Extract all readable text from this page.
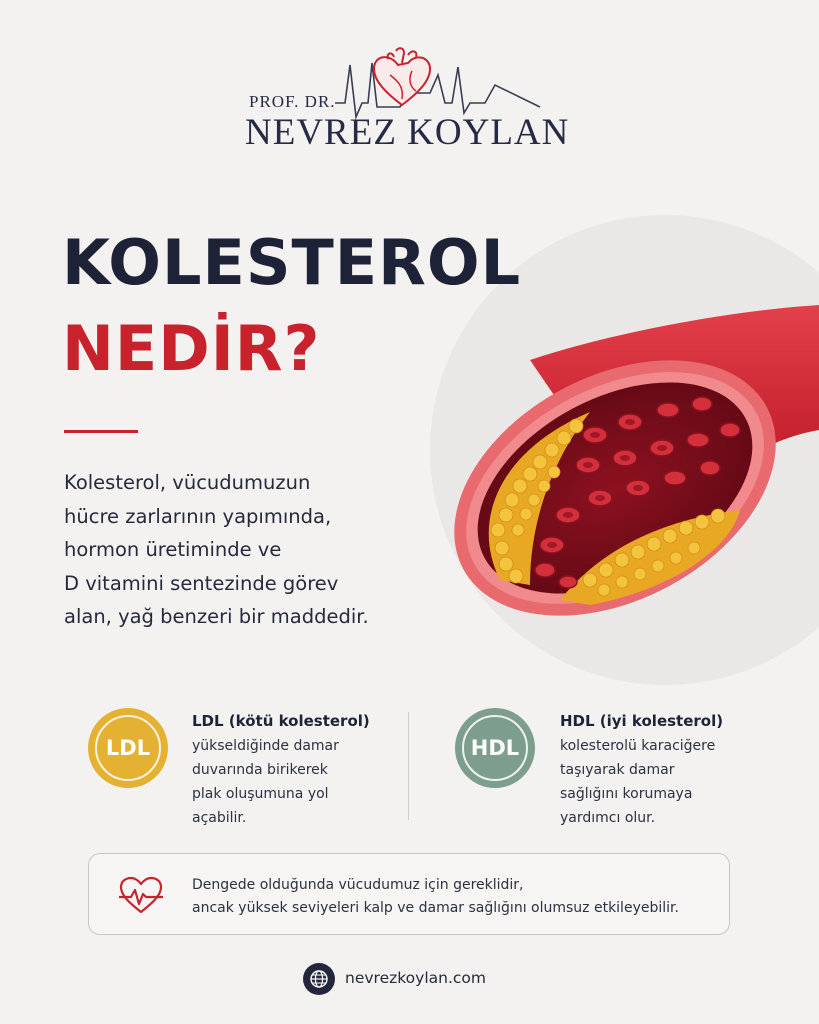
PROF. DR.
NEVREZ KOYLAN
KOLESTEROL
NEDİR?
Kolesterol, vücudumuzun
hücre zarlarının yapımında,
hormon üretiminde ve
D vitamini sentezinde görev
alan, yağ benzeri bir maddedir.
LDL
LDL (kötü kolesterol)
yükseldiğinde damar
duvarında birikerek
plak oluşumuna yol
açabilir.
HDL
HDL (iyi kolesterol)
kolesterolü karaciğere
taşıyarak damar
sağlığını korumaya
yardımcı olur.
Dengede olduğunda vücudumuz için gereklidir,
ancak yüksek seviyeleri kalp ve damar sağlığını olumsuz etkileyebilir.
nevrezkoylan.com
